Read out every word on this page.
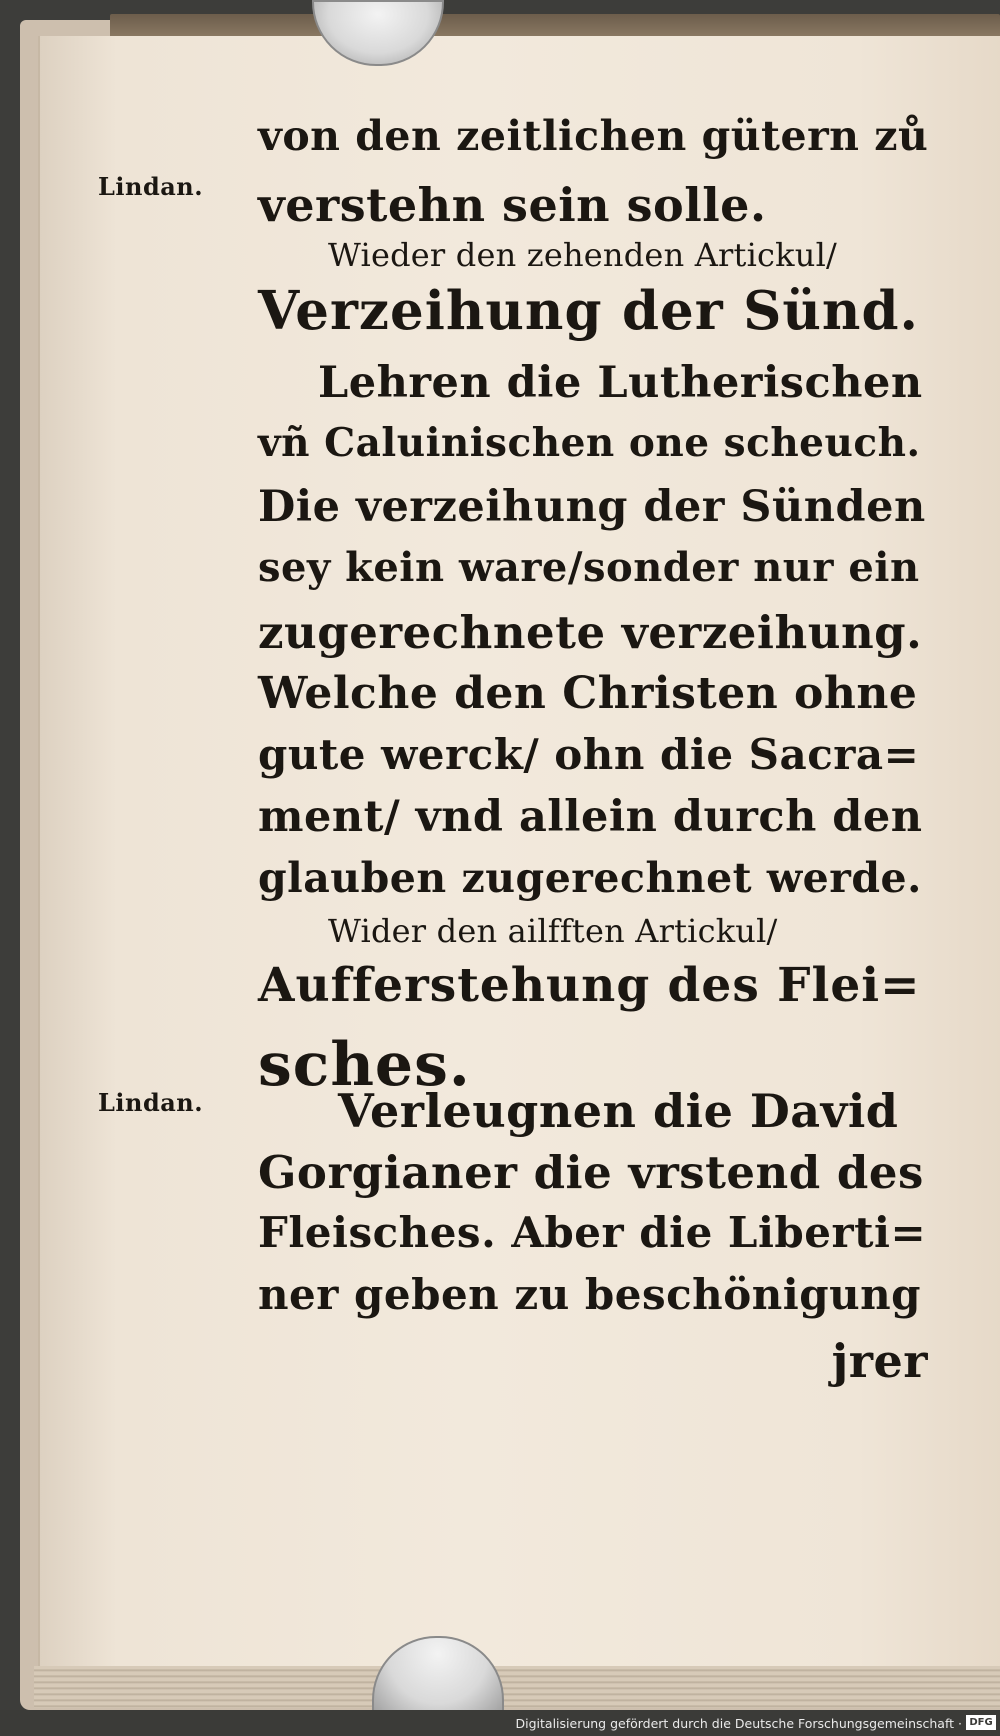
Lindan.
Lindan.
von den zeitlichen gütern zů
verstehn sein solle.
Wieder den zehenden Artickul/
Verzeihung der Sünd.
Lehren die Lutherischen
vñ Caluinischen one scheuch.
Die verzeihung der Sünden
sey kein ware/sonder nur ein
zugerechnete verzeihung.
Welche den Christen ohne
gute werck/ ohn die Sacra=
ment/ vnd allein durch den
glauben zugerechnet werde.
Wider den ailfften Artickul/
Aufferstehung des Flei=
sches.
Verleugnen die David
Gorgianer die vrstend des
Fleisches. Aber die Liberti=
ner geben zu beschönigung
jrer
Digitalisierung gefördert durch die Deutsche Forschungsgemeinschaft · DFG
